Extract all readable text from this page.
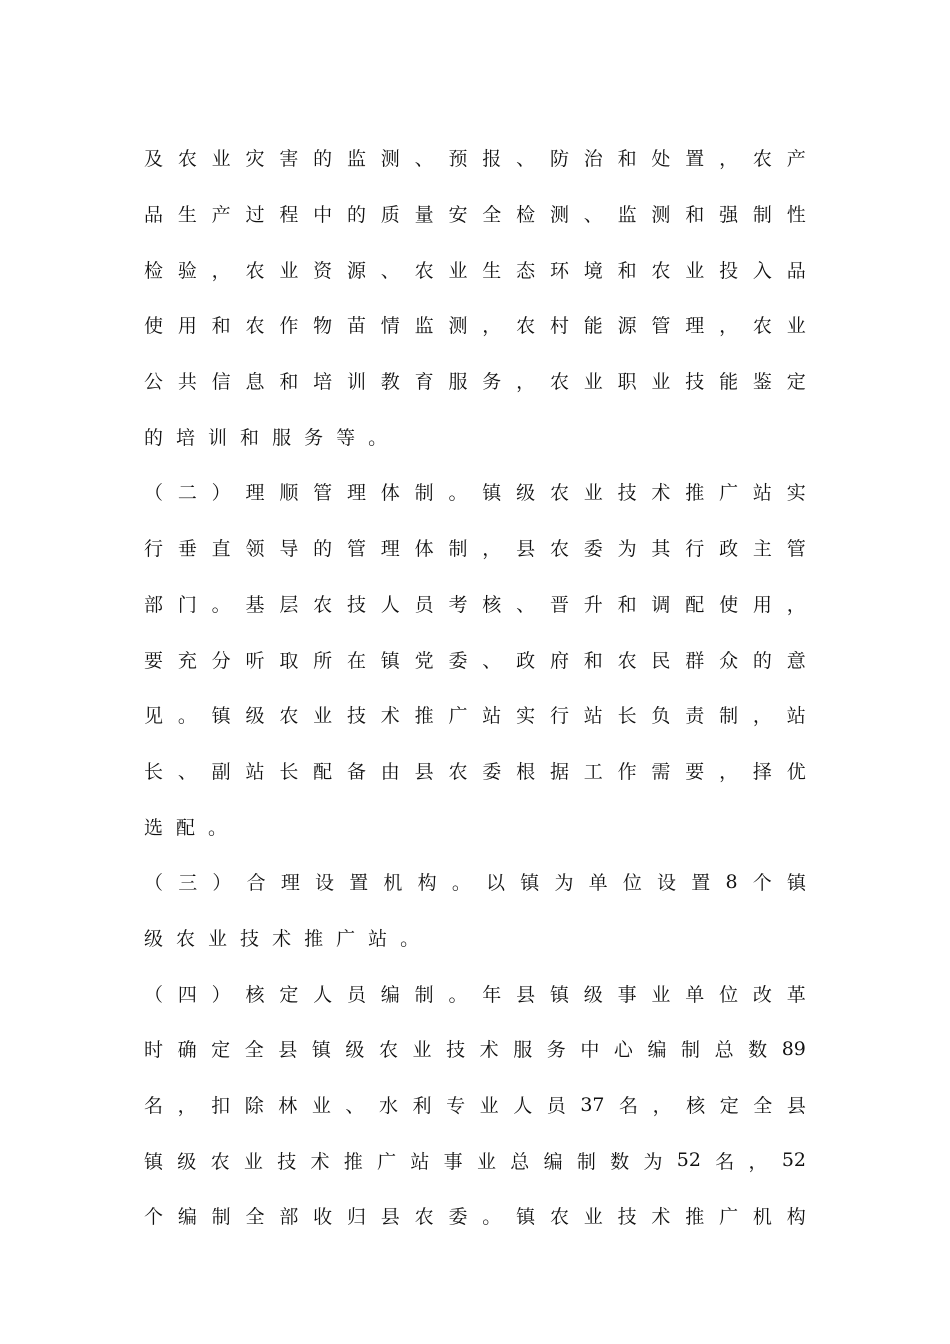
及 农 业 灾 害 的 监 测 、 预 报 、 防 治 和 处 置 ， 农 产
品 生 产 过 程 中 的 质 量 安 全 检 测 、 监 测 和 强 制 性
检 验 ， 农 业 资 源 、 农 业 生 态 环 境 和 农 业 投 入 品
使 用 和 农 作 物 苗 情 监 测 ， 农 村 能 源 管 理 ， 农 业
公 共 信 息 和 培 训 教 育 服 务 ， 农 业 职 业 技 能 鉴 定
的 培 训 和 服 务 等 。
（ 二 ） 理 顺 管 理 体 制 。 镇 级 农 业 技 术 推 广 站 实
行 垂 直 领 导 的 管 理 体 制 ， 县 农 委 为 其 行 政 主 管
部 门 。 基 层 农 技 人 员 考 核 、 晋 升 和 调 配 使 用 ，
要 充 分 听 取 所 在 镇 党 委 、 政 府 和 农 民 群 众 的 意
见 。 镇 级 农 业 技 术 推 广 站 实 行 站 长 负 责 制 ， 站
长 、 副 站 长 配 备 由 县 农 委 根 据 工 作 需 要 ， 择 优
选 配 。
（ 三 ） 合 理 设 置 机 构 。 以 镇 为 单 位 设 置 8 个 镇
级 农 业 技 术 推 广 站 。
（ 四 ） 核 定 人 员 编 制 。 年 县 镇 级 事 业 单 位 改 革
时 确 定 全 县 镇 级 农 业 技 术 服 务 中 心 编 制 总 数 89
名 ， 扣 除 林 业 、 水 利 专 业 人 员 37 名 ， 核 定 全 县
镇 级 农 业 技 术 推 广 站 事 业 总 编 制 数 为 52 名 ， 52
个 编 制 全 部 收 归 县 农 委 。 镇 农 业 技 术 推 广 机 构
